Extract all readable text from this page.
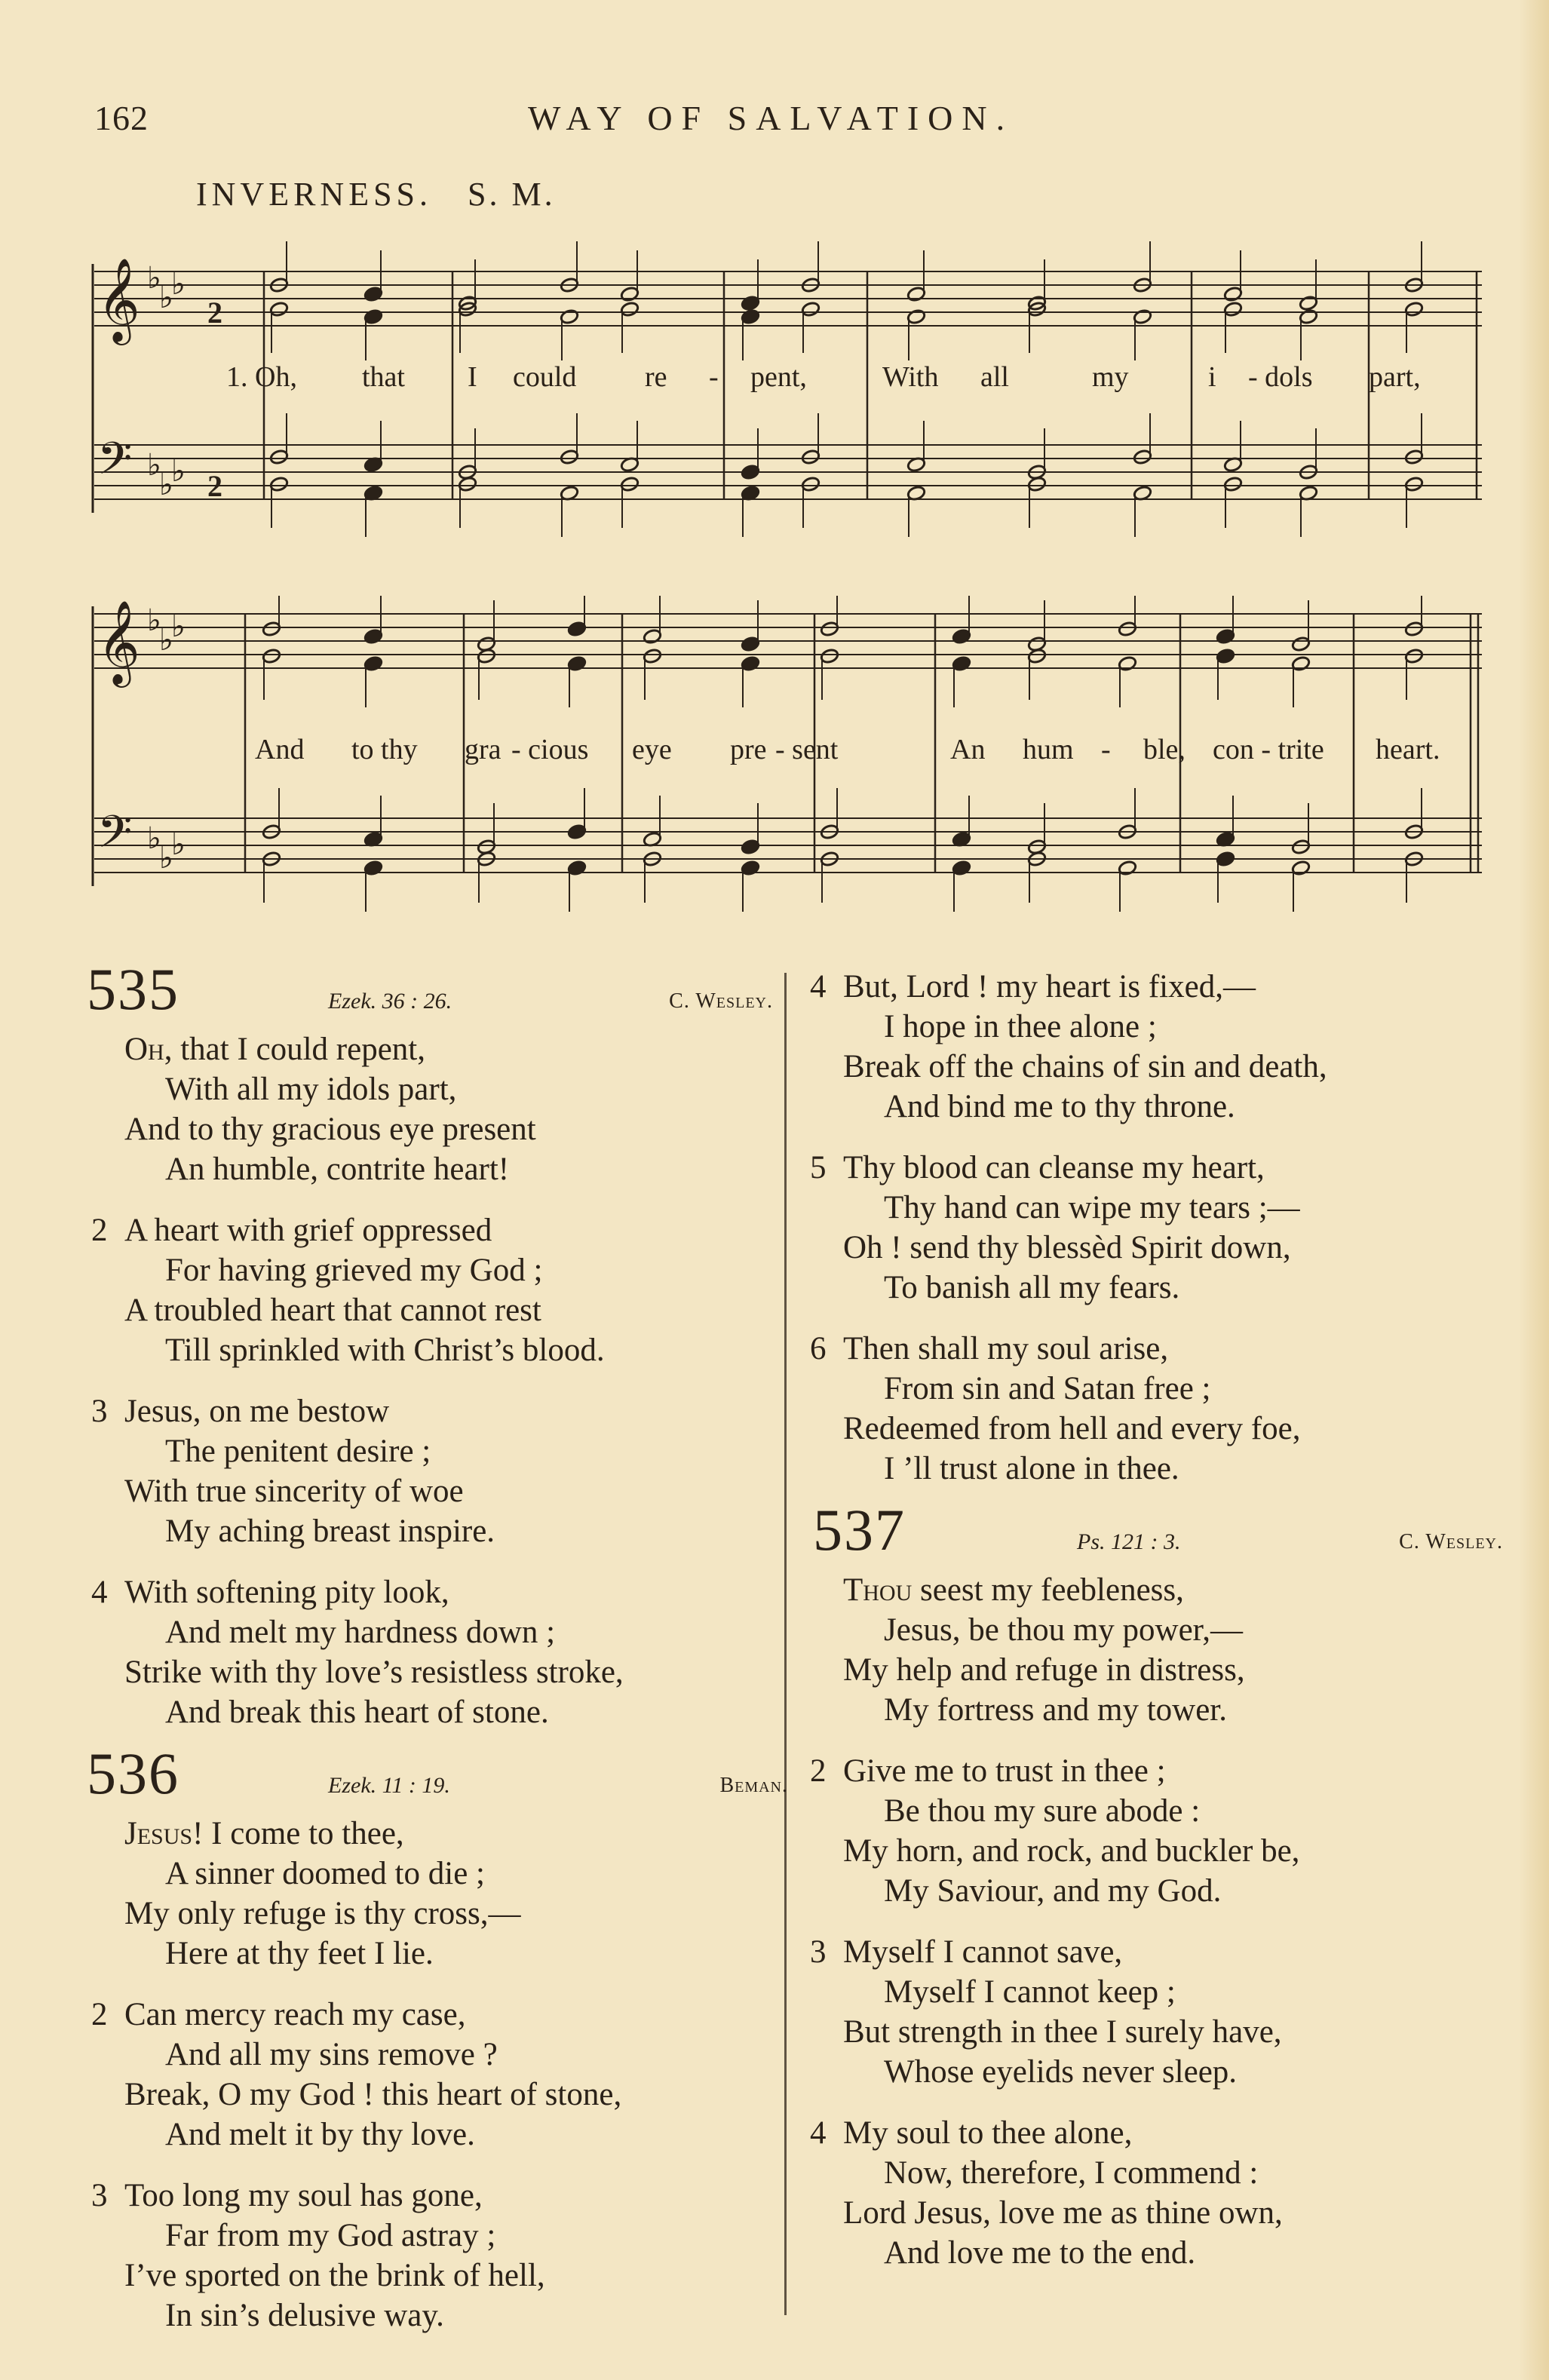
162	WAY OF SALVATION.
INVERNESS. S. M.
𝄞
𝄢
♭
♭
♭
♭
♭
♭
2
2
1. Oh, that I could re - pent,	With all	my	i - dols part,
𝄞
𝄢
♭
♭
♭
♭
♭
♭
And to thy gra - cious eye pre - sent	An hum - ble, con - trite heart.
535	Ezek. 36 : 26.	C. Wesley.
Oh, that I could repent,
With all my idols part,
And to thy gracious eye present
An humble, contrite heart!
2 A heart with grief oppressed
For having grieved my God ;
A troubled heart that cannot rest
Till sprinkled with Christ’s blood.
3 Jesus, on me bestow
The penitent desire ;
With true sincerity of woe
My aching breast inspire.
4 With softening pity look,
And melt my hardness down ;
Strike with thy love’s resistless stroke,
And break this heart of stone.
536	Ezek. 11 : 19.	Beman.
Jesus! I come to thee,
A sinner doomed to die ;
My only refuge is thy cross,—
Here at thy feet I lie.
2 Can mercy reach my case,
And all my sins remove ?
Break, O my God ! this heart of stone,
And melt it by thy love.
3 Too long my soul has gone,
Far from my God astray ;
I’ve sported on the brink of hell,
In sin’s delusive way.
4 But, Lord ! my heart is fixed,—
I hope in thee alone ;
Break off the chains of sin and death,
And bind me to thy throne.
5 Thy blood can cleanse my heart,
Thy hand can wipe my tears ;—
Oh ! send thy blessèd Spirit down,
To banish all my fears.
6 Then shall my soul arise,
From sin and Satan free ;
Redeemed from hell and every foe,
I ’ll trust alone in thee.
537	Ps. 121 : 3.	C. Wesley.
Thou seest my feebleness,
Jesus, be thou my power,—
My help and refuge in distress,
My fortress and my tower.
2 Give me to trust in thee ;
Be thou my sure abode :
My horn, and rock, and buckler be,
My Saviour, and my God.
3 Myself I cannot save,
Myself I cannot keep ;
But strength in thee I surely have,
Whose eyelids never sleep.
4 My soul to thee alone,
Now, therefore, I commend :
Lord Jesus, love me as thine own,
And love me to the end.
